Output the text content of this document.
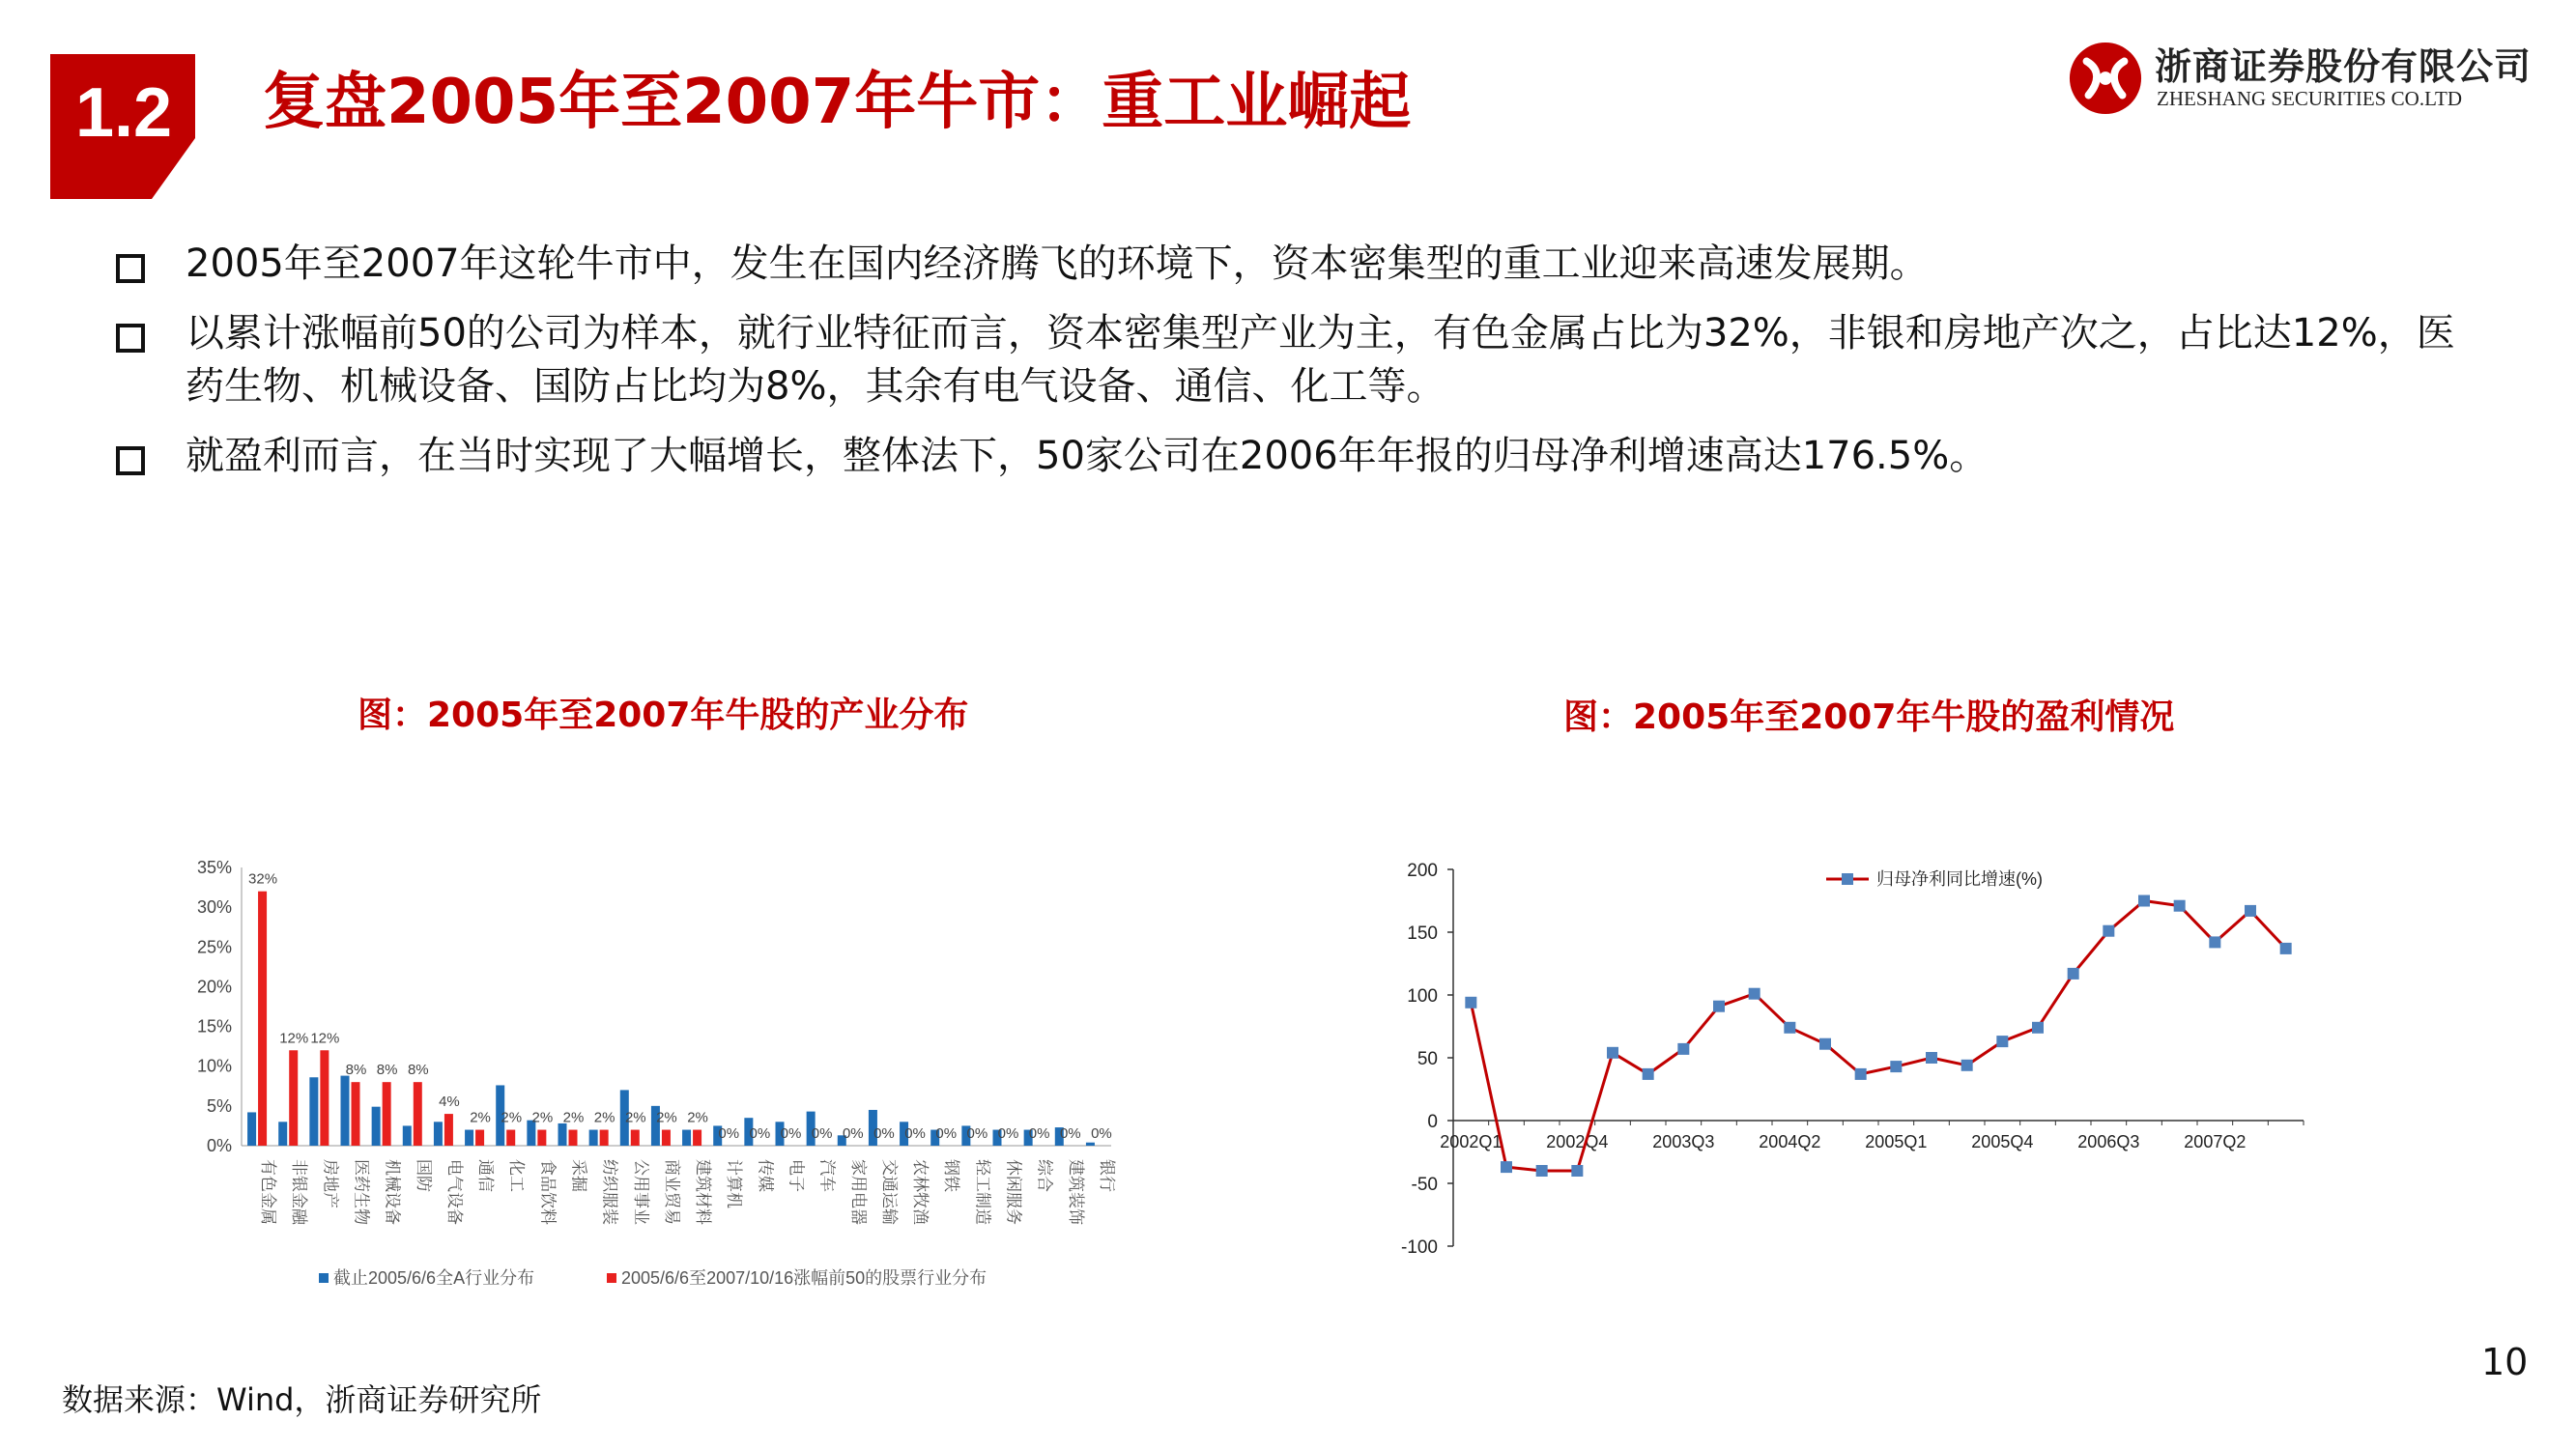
1.2	复盘2005年至2007年牛市：重工业崛起
浙商证券股份有限公司
ZHESHANG SECURITIES CO.LTD
2005年至2007年这轮牛市中，发生在国内经济腾飞的环境下，资本密集型的重工业迎来高速发展期。
以累计涨幅前50的公司为样本，就行业特征而言，资本密集型产业为主，有色金属占比为32%，非银和房地产次之，占比达12%，医药生物、机械设备、国防占比均为8%，其余有电气设备、通信、化工等。
就盈利而言，在当时实现了大幅增长，整体法下，50家公司在2006年年报的归母净利增速高达176.5%。
图：2005年至2007年牛股的产业分布	图：2005年至2007年牛股的盈利情况
0%
5%
10%
15%
20%
25%
30%
35%
32%
有色金属
12%
非银金融
12%
房地产
8%
医药生物
8%
机械设备
8%
国防
4%
电气设备
2%
通信
2%
化工
2%
食品饮料
2%
采掘
2%
纺织服装
2%
公用事业
2%
商业贸易
2%
建筑材料
0%
计算机
0%
传媒
0%
电子
0%
汽车
0%
家用电器
0%
交通运输
0%
农林牧渔
0%
钢铁
0%
轻工制造
0%
休闲服务
0%
综合
0%
建筑装饰
0%
银行
截止2005/6/6全A行业分布	2005/6/6至2007/10/16涨幅前50的股票行业分布
-100
-50
0
50
100
150
200
2002Q1	2002Q4	2003Q3	2004Q2	2005Q1	2005Q4	2006Q3	2007Q2
归母净利同比增速(%)
数据来源：Wind，浙商证券研究所
10
